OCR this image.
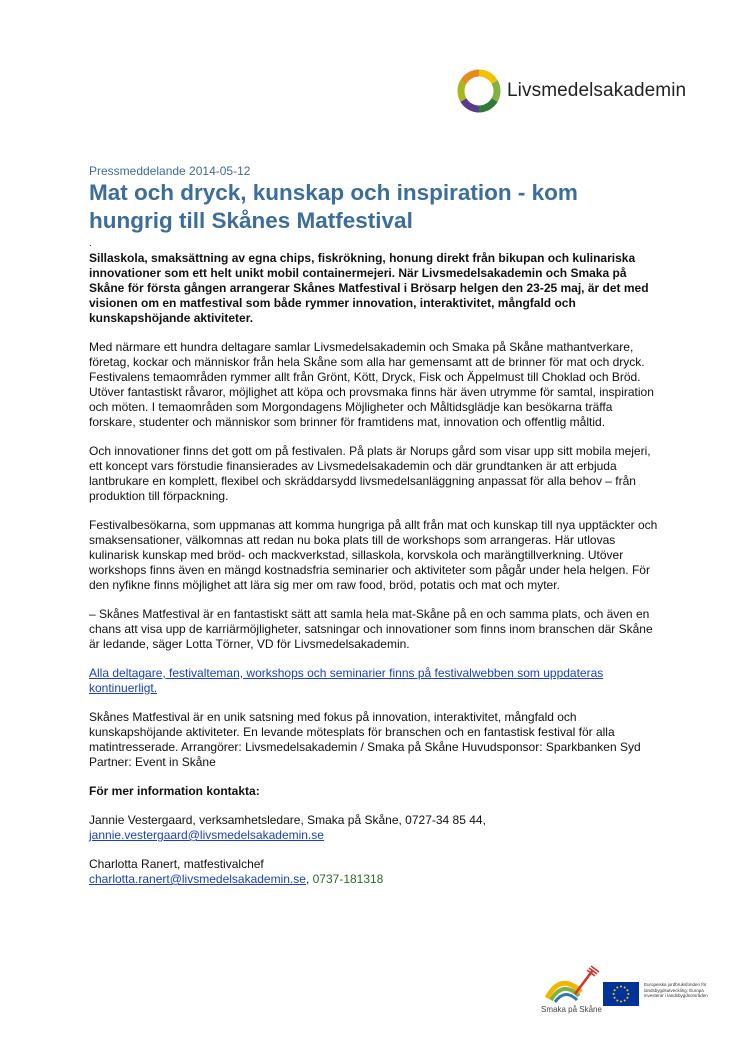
Livsmedelsakademin
Pressmeddelande 2014-05-12
Mat och dryck, kunskap och inspiration - kom hungrig till Skånes Matfestival
.
Sillaskola, smaksättning av egna chips, fiskrökning, honung direkt från bikupan och kulinariska innovationer som ett helt unikt mobil containermejeri. När Livsmedelsakademin och Smaka på Skåne för första gången arrangerar Skånes Matfestival i Brösarp helgen den 23-25 maj, är det med visionen om en matfestival som både rymmer innovation, interaktivitet, mångfald och kunskapshöjande aktiviteter.

Med närmare ett hundra deltagare samlar Livsmedelsakademin och Smaka på Skåne mathantverkare, företag, kockar och människor från hela Skåne som alla har gemensamt att de brinner för mat och dryck. Festivalens temaområden rymmer allt från Grönt, Kött, Dryck, Fisk och Äppelmust till Choklad och Bröd. Utöver fantastiskt råvaror, möjlighet att köpa och provsmaka finns här även utrymme för samtal, inspiration och möten. I temaområden som Morgondagens Möjligheter och Måltidsglädje kan besökarna träffa forskare, studenter och människor som brinner för framtidens mat, innovation och offentlig måltid.

Och innovationer finns det gott om på festivalen. På plats är Norups gård som visar upp sitt mobila mejeri, ett koncept vars förstudie finansierades av Livsmedelsakademin och där grundtanken är att erbjuda lantbrukare en komplett, flexibel och skräddarsydd livsmedelsanläggning anpassat för alla behov – från produktion till förpackning.

Festivalbesökarna, som uppmanas att komma hungriga på allt från mat och kunskap till nya upptäckter och smaksensationer, välkomnas att redan nu boka plats till de workshops som arrangeras. Här utlovas kulinarisk kunskap med bröd- och mackverkstad, sillaskola, korvskola och marängtillverkning. Utöver workshops finns även en mängd kostnadsfria seminarier och aktiviteter som pågår under hela helgen. För den nyfikne finns möjlighet att lära sig mer om raw food, bröd, potatis och mat och myter.

– Skånes Matfestival är en fantastiskt sätt att samla hela mat-Skåne på en och samma plats, och även en chans att visa upp de karriärmöjligheter, satsningar och innovationer som finns inom branschen där Skåne är ledande, säger Lotta Törner, VD för Livsmedelsakademin.

Alla deltagare, festivalteman, workshops och seminarier finns på festivalwebben som uppdateras kontinuerligt.

Skånes Matfestival är en unik satsning med fokus på innovation, interaktivitet, mångfald och kunskapshöjande aktiviteter. En levande mötesplats för branschen och en fantastisk festival för alla matintresserade. Arrangörer: Livsmedelsakademin / Smaka på Skåne Huvudsponsor: Sparkbanken Syd Partner: Event in Skåne

För mer information kontakta:

Jannie Vestergaard, verksamhetsledare, Smaka på Skåne, 0727-34 85 44,
jannie.vestergaard@livsmedelsakademin.se

Charlotta Ranert, matfestivalchef
charlotta.ranert@livsmedelsakademin.se, 0737-181318

Smaka på Skåne
Europeiska jordbruksfonden för landsbygdsutveckling: Europa investerar i landsbygdsområden
